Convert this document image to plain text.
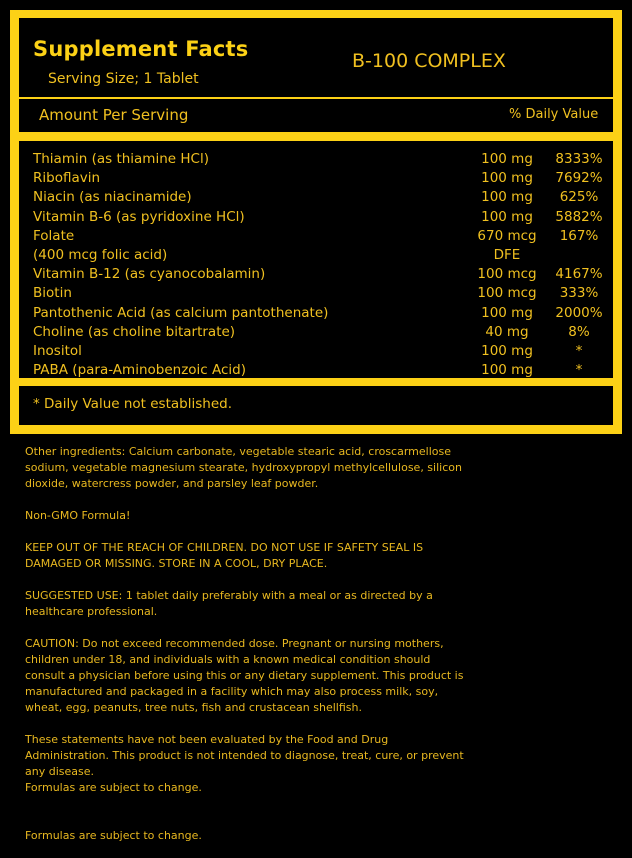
Supplement Facts
Serving Size; 1 Tablet
B-100 COMPLEX
Amount Per Serving	% Daily Value
Thiamin (as thiamine HCl)	100 mg	8333%
Riboflavin	100 mg	7692%
Niacin (as niacinamide)	100 mg	625%
Vitamin B-6 (as pyridoxine HCl)	100 mg	5882%
Folate	670 mcg	167%
(400 mcg folic acid)	DFE
Vitamin B-12 (as cyanocobalamin)	100 mcg	4167%
Biotin	100 mcg	333%
Pantothenic Acid (as calcium pantothenate)	100 mg	2000%
Choline (as choline bitartrate)	40 mg	8%
Inositol	100 mg	*
PABA (para-Aminobenzoic Acid)	100 mg	*
* Daily Value not established.
Other ingredients: Calcium carbonate, vegetable stearic acid, croscarmellose sodium, vegetable magnesium stearate, hydroxypropyl methylcellulose, silicon dioxide, watercress powder, and parsley leaf powder.
Non-GMO Formula!
KEEP OUT OF THE REACH OF CHILDREN. DO NOT USE IF SAFETY SEAL IS DAMAGED OR MISSING. STORE IN A COOL, DRY PLACE.
SUGGESTED USE: 1 tablet daily preferably with a meal or as directed by a healthcare professional.
CAUTION: Do not exceed recommended dose. Pregnant or nursing mothers, children under 18, and individuals with a known medical condition should consult a physician before using this or any dietary supplement. This product is manufactured and packaged in a facility which may also process milk, soy, wheat, egg, peanuts, tree nuts, fish and crustacean shellfish.
These statements have not been evaluated by the Food and Drug Administration. This product is not intended to diagnose, treat, cure, or prevent any disease.
Formulas are subject to change.
Formulas are subject to change.
